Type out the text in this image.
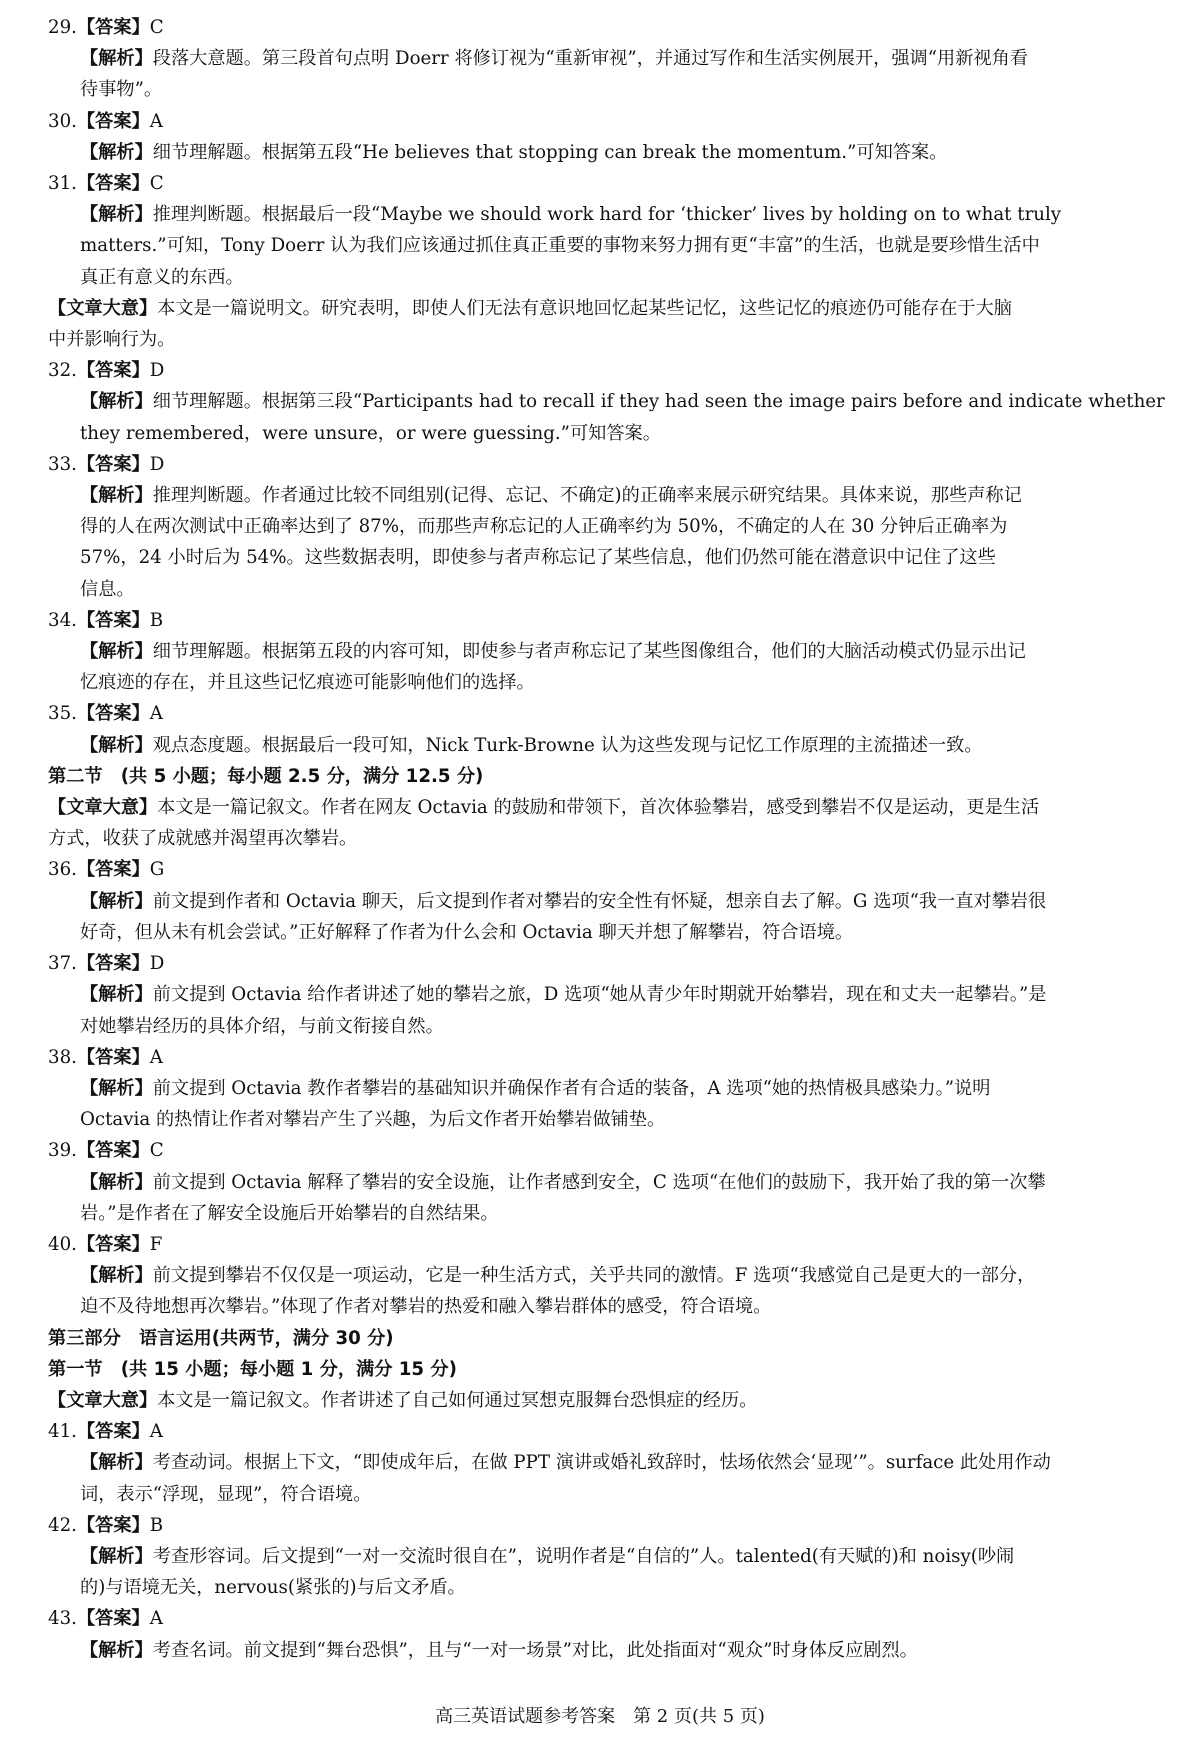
29.【答案】C
【解析】段落大意题。第三段首句点明 Doerr 将修订视为“重新审视”，并通过写作和生活实例展开，强调“用新视角看
待事物”。
30.【答案】A
【解析】细节理解题。根据第五段“He believes that stopping can break the momentum.”可知答案。
31.【答案】C
【解析】推理判断题。根据最后一段“Maybe we should work hard for ‘thicker’ lives by holding on to what truly
matters.”可知，Tony Doerr 认为我们应该通过抓住真正重要的事物来努力拥有更“丰富”的生活，也就是要珍惜生活中
真正有意义的东西。
【文章大意】本文是一篇说明文。研究表明，即使人们无法有意识地回忆起某些记忆，这些记忆的痕迹仍可能存在于大脑
中并影响行为。
32.【答案】D
【解析】细节理解题。根据第三段“Participants had to recall if they had seen the image pairs before and indicate whether
they remembered，were unsure，or were guessing.”可知答案。
33.【答案】D
【解析】推理判断题。作者通过比较不同组别(记得、忘记、不确定)的正确率来展示研究结果。具体来说，那些声称记
得的人在两次测试中正确率达到了 87%，而那些声称忘记的人正确率约为 50%，不确定的人在 30 分钟后正确率为
57%，24 小时后为 54%。这些数据表明，即使参与者声称忘记了某些信息，他们仍然可能在潜意识中记住了这些
信息。
34.【答案】B
【解析】细节理解题。根据第五段的内容可知，即使参与者声称忘记了某些图像组合，他们的大脑活动模式仍显示出记
忆痕迹的存在，并且这些记忆痕迹可能影响他们的选择。
35.【答案】A
【解析】观点态度题。根据最后一段可知，Nick Turk-Browne 认为这些发现与记忆工作原理的主流描述一致。
第二节　(共 5 小题；每小题 2.5 分，满分 12.5 分)
【文章大意】本文是一篇记叙文。作者在网友 Octavia 的鼓励和带领下，首次体验攀岩，感受到攀岩不仅是运动，更是生活
方式，收获了成就感并渴望再次攀岩。
36.【答案】G
【解析】前文提到作者和 Octavia 聊天，后文提到作者对攀岩的安全性有怀疑，想亲自去了解。G 选项“我一直对攀岩很
好奇，但从未有机会尝试。”正好解释了作者为什么会和 Octavia 聊天并想了解攀岩，符合语境。
37.【答案】D
【解析】前文提到 Octavia 给作者讲述了她的攀岩之旅，D 选项“她从青少年时期就开始攀岩，现在和丈夫一起攀岩。”是
对她攀岩经历的具体介绍，与前文衔接自然。
38.【答案】A
【解析】前文提到 Octavia 教作者攀岩的基础知识并确保作者有合适的装备，A 选项“她的热情极具感染力。”说明
Octavia 的热情让作者对攀岩产生了兴趣，为后文作者开始攀岩做铺垫。
39.【答案】C
【解析】前文提到 Octavia 解释了攀岩的安全设施，让作者感到安全，C 选项“在他们的鼓励下，我开始了我的第一次攀
岩。”是作者在了解安全设施后开始攀岩的自然结果。
40.【答案】F
【解析】前文提到攀岩不仅仅是一项运动，它是一种生活方式，关乎共同的激情。F 选项“我感觉自己是更大的一部分，
迫不及待地想再次攀岩。”体现了作者对攀岩的热爱和融入攀岩群体的感受，符合语境。
第三部分　语言运用(共两节，满分 30 分)
第一节　(共 15 小题；每小题 1 分，满分 15 分)
【文章大意】本文是一篇记叙文。作者讲述了自己如何通过冥想克服舞台恐惧症的经历。
41.【答案】A
【解析】考查动词。根据上下文，“即使成年后，在做 PPT 演讲或婚礼致辞时，怯场依然会‘显现’”。surface 此处用作动
词，表示“浮现，显现”，符合语境。
42.【答案】B
【解析】考查形容词。后文提到“一对一交流时很自在”，说明作者是“自信的”人。talented(有天赋的)和 noisy(吵闹
的)与语境无关，nervous(紧张的)与后文矛盾。
43.【答案】A
【解析】考查名词。前文提到“舞台恐惧”，且与“一对一场景”对比，此处指面对“观众”时身体反应剧烈。
高三英语试题参考答案　第 2 页(共 5 页)
